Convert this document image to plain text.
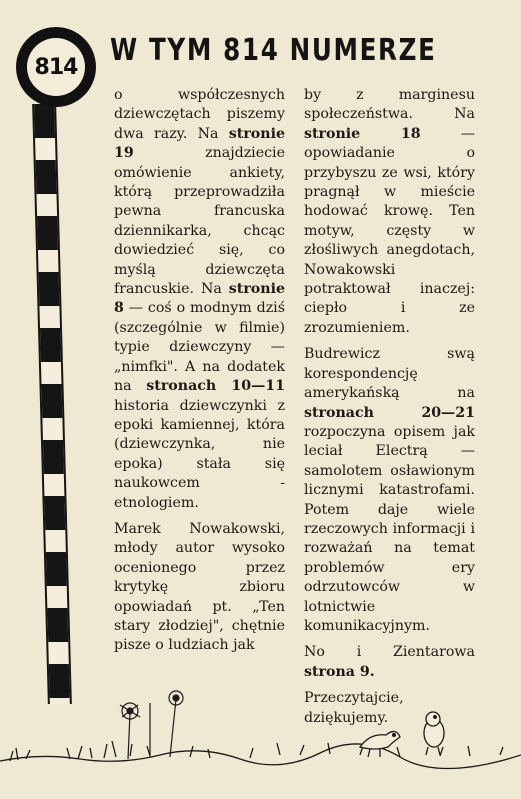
814 W TYM 814 NUMERZE

o współczesnych dziewczętach piszemy dwa razy. Na stronie 19 znajdziecie omówienie ankiety, którą przeprowadziła pewna francuska dziennikarka, chcąc dowiedzieć się, co myślą dziewczęta francuskie. Na stronie 8 — coś o modnym dziś (szczególnie w filmie) typie dziewczyny — „nimfki". A na dodatek na stronach 10—11 historia dziewczynki z epoki kamiennej, która (dziewczynka, nie epoka) stała się naukowcem - etnologiem.

Marek Nowakowski, młody autor wysoko ocenionego przez krytykę zbioru opowiadań pt. „Ten stary złodziej", chętnie pisze o ludziach jak

by z marginesu społeczeństwa. Na stronie 18 — opowiadanie o przybyszu ze wsi, który pragnął w mieście hodować krowę. Ten motyw, częsty w złośliwych anegdotach, Nowakowski potraktował inaczej: ciepło i ze zrozumieniem.

Budrewicz swą korespondencję amerykańską na stronach 20—21 rozpoczyna opisem jak leciał Electrą — samolotem osławionym licznymi katastrofami. Potem daje wiele rzeczowych informacji i rozważań na temat problemów ery odrzutowców w lotnictwie komunikacyjnym.

No i Zientarowa strona 9.

Przeczytajcie, dziękujemy.
